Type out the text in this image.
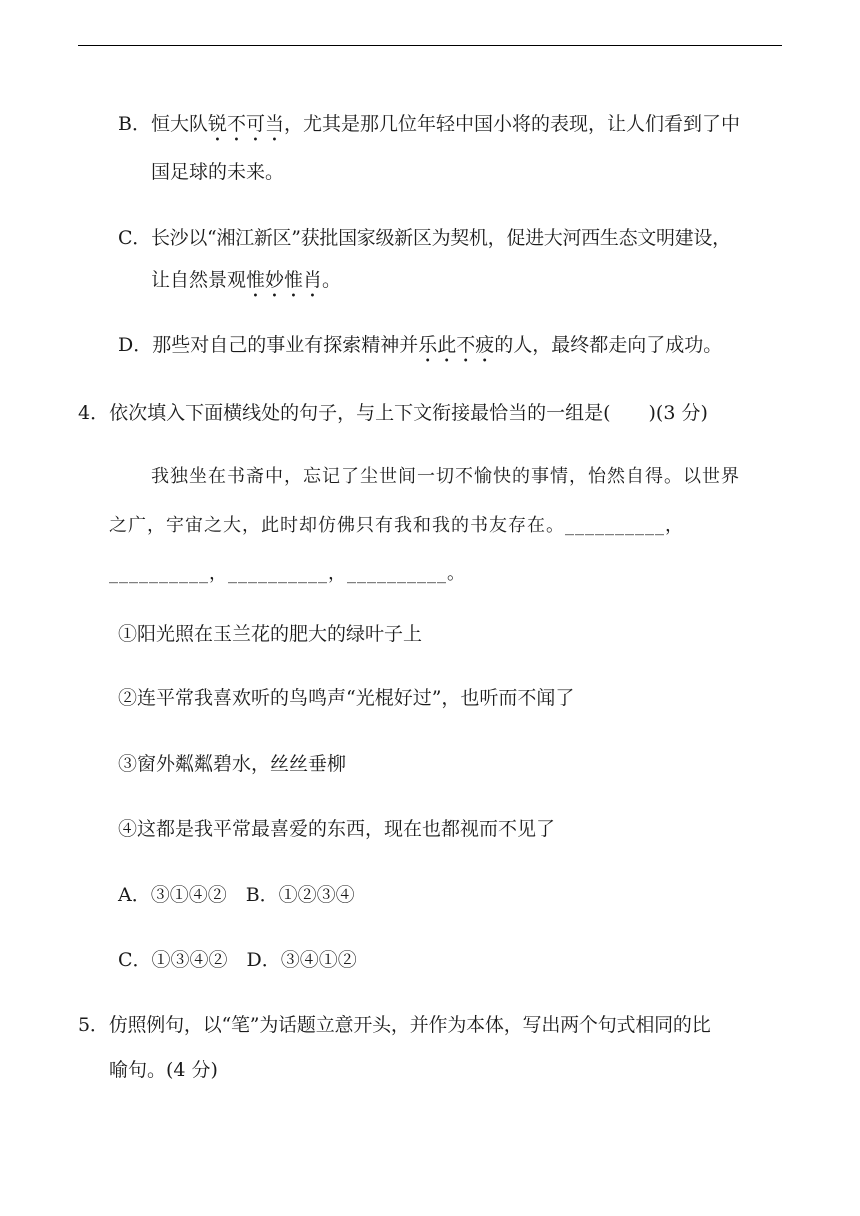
B．恒大队锐不可当，尤其是那几位年轻中国小将的表现，让人们看到了中
国足球的未来。
C．长沙以“湘江新区”获批国家级新区为契机，促进大河西生态文明建设，
让自然景观惟妙惟肖。
D．那些对自己的事业有探索精神并乐此不疲的人，最终都走向了成功。
4．依次填入下面横线处的句子，与上下文衔接最恰当的一组是(　　)(3 分)
我独坐在书斋中，忘记了尘世间一切不愉快的事情，怡然自得。以世界
之广，宇宙之大，此时却仿佛只有我和我的书友存在。__________，
__________，__________，__________。
①阳光照在玉兰花的肥大的绿叶子上
②连平常我喜欢听的鸟鸣声“光棍好过”，也听而不闻了
③窗外粼粼碧水，丝丝垂柳
④这都是我平常最喜爱的东西，现在也都视而不见了
A．③①④②　B．①②③④
C．①③④②　D．③④①②
5．仿照例句，以“笔”为话题立意开头，并作为本体，写出两个句式相同的比
喻句。(4 分)
